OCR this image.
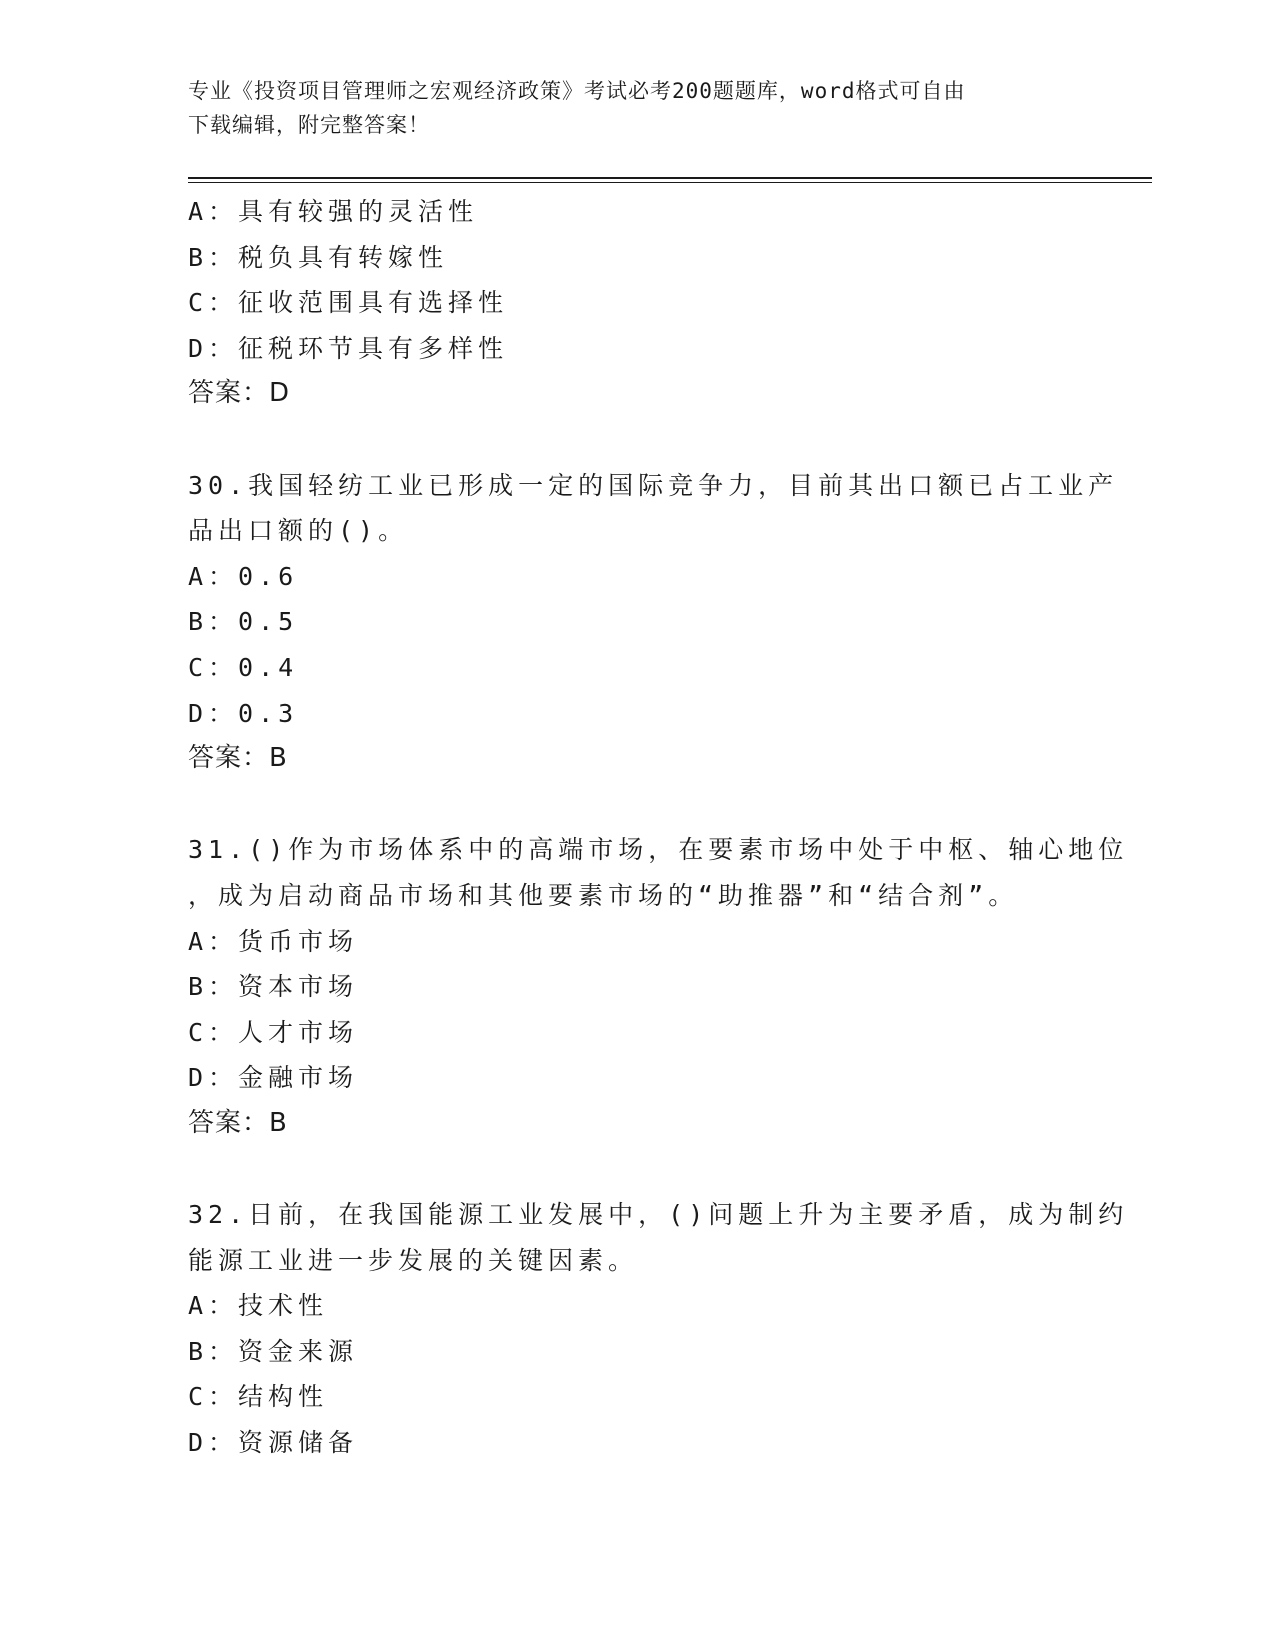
专业《投资项目管理师之宏观经济政策》考试必考200题题库，word格式可自由
下载编辑，附完整答案！
A：具有较强的灵活性
B：税负具有转嫁性
C：征收范围具有选择性
D：征税环节具有多样性
答案：D
30.我国轻纺工业已形成一定的国际竞争力，目前其出口额已占工业产
品出口额的()。
A：0.6
B：0.5
C：0.4
D：0.3
答案：B
31.()作为市场体系中的高端市场，在要素市场中处于中枢、轴心地位
，成为启动商品市场和其他要素市场的“助推器”和“结合剂”。
A：货币市场
B：资本市场
C：人才市场
D：金融市场
答案：B
32.日前，在我国能源工业发展中，()问题上升为主要矛盾，成为制约
能源工业进一步发展的关键因素。
A：技术性
B：资金来源
C：结构性
D：资源储备
